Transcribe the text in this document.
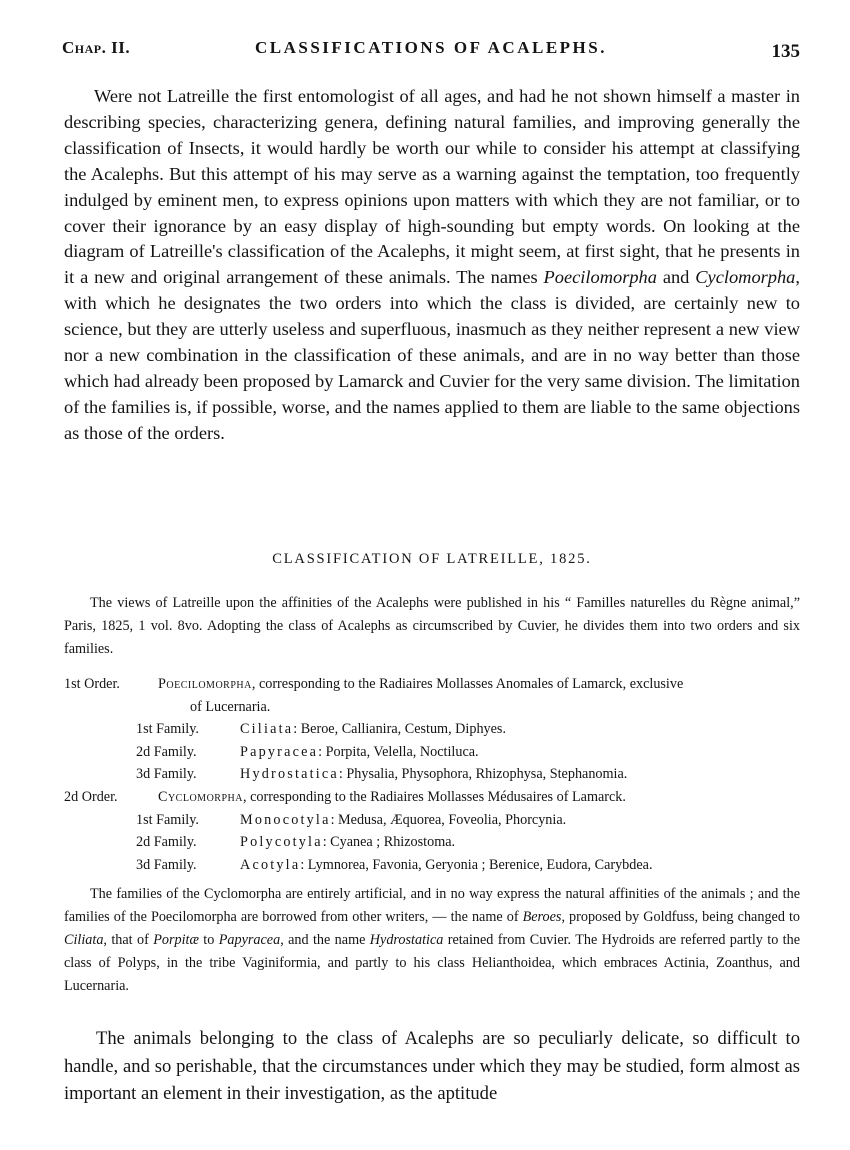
Chap. II.	CLASSIFICATIONS OF ACALEPHS.	135

Were not Latreille the first entomologist of all ages, and had he not shown himself a master in describing species, characterizing genera, defining natural families, and improving generally the classification of Insects, it would hardly be worth our while to consider his attempt at classifying the Acalephs. But this attempt of his may serve as a warning against the temptation, too frequently indulged by eminent men, to express opinions upon matters with which they are not familiar, or to cover their ignorance by an easy display of high-sounding but empty words. On looking at the diagram of Latreille's classification of the Acalephs, it might seem, at first sight, that he presents in it a new and original arrangement of these animals. The names Poecilomorpha and Cyclomorpha, with which he designates the two orders into which the class is divided, are certainly new to science, but they are utterly useless and superfluous, inasmuch as they neither represent a new view nor a new combination in the classification of these animals, and are in no way better than those which had already been proposed by Lamarck and Cuvier for the very same division. The limitation of the families is, if possible, worse, and the names applied to them are liable to the same objections as those of the orders.

CLASSIFICATION OF LATREILLE, 1825.

The views of Latreille upon the affinities of the Acalephs were published in his “ Familles naturelles du Règne animal,” Paris, 1825, 1 vol. 8vo. Adopting the class of Acalephs as circumscribed by Cuvier, he divides them into two orders and six families.

1st Order.	Poecilomorpha, corresponding to the Radiaires Mollasses Anomales of Lamarck, exclusive
of Lucernaria.
1st Family.	Ciliata: Beroe, Callianira, Cestum, Diphyes.
2d Family.	Papyracea: Porpita, Velella, Noctiluca.
3d Family.	Hydrostatica: Physalia, Physophora, Rhizophysa, Stephanomia.
2d Order.	Cyclomorpha, corresponding to the Radiaires Mollasses Médusaires of Lamarck.
1st Family.	Monocotyla: Medusa, Æquorea, Foveolia, Phorcynia.
2d Family.	Polycotyla: Cyanea ; Rhizostoma.
3d Family.	Acotyla: Lymnorea, Favonia, Geryonia ; Berenice, Eudora, Carybdea.

The families of the Cyclomorpha are entirely artificial, and in no way express the natural affinities of the animals ; and the families of the Poecilomorpha are borrowed from other writers, — the name of Beroes, proposed by Goldfuss, being changed to Ciliata, that of Porpitæ to Papyracea, and the name Hydrostatica retained from Cuvier. The Hydroids are referred partly to the class of Polyps, in the tribe Vaginiformia, and partly to his class Helianthoidea, which embraces Actinia, Zoanthus, and Lucernaria.

The animals belonging to the class of Acalephs are so peculiarly delicate, so difficult to handle, and so perishable, that the circumstances under which they may be studied, form almost as important an element in their investigation, as the aptitude
